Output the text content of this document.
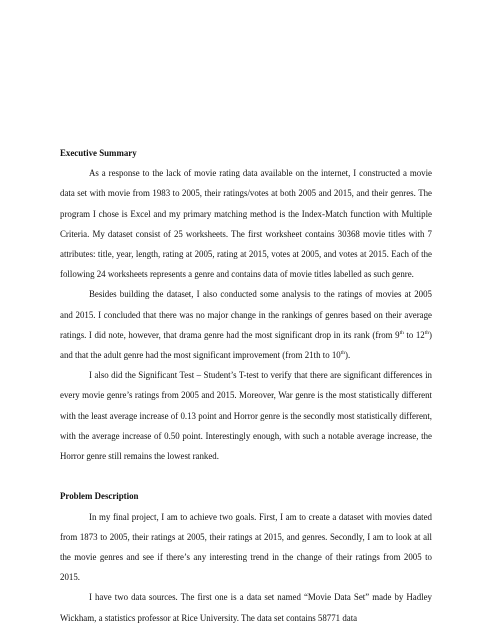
Executive Summary

As a response to the lack of movie rating data available on the internet, I constructed a movie data set with movie from 1983 to 2005, their ratings/votes at both 2005 and 2015, and their genres. The program I chose is Excel and my primary matching method is the Index-Match function with Multiple Criteria. My dataset consist of 25 worksheets. The first worksheet contains 30368 movie titles with 7 attributes: title, year, length, rating at 2005, rating at 2015, votes at 2005, and votes at 2015. Each of the following 24 worksheets represents a genre and contains data of movie titles labelled as such genre.

Besides building the dataset, I also conducted some analysis to the ratings of movies at 2005 and 2015. I concluded that there was no major change in the rankings of genres based on their average ratings. I did note, however, that drama genre had the most significant drop in its rank (from 9th to 12th) and that the adult genre had the most significant improvement (from 21th to 10th).

I also did the Significant Test – Student’s T-test to verify that there are significant differences in every movie genre’s ratings from 2005 and 2015. Moreover, War genre is the most statistically different with the least average increase of 0.13 point and Horror genre is the secondly most statistically different, with the average increase of 0.50 point. Interestingly enough, with such a notable average increase, the Horror genre still remains the lowest ranked.

Problem Description

In my final project, I am to achieve two goals. First, I am to create a dataset with movies dated from 1873 to 2005, their ratings at 2005, their ratings at 2015, and genres. Secondly, I am to look at all the movie genres and see if there’s any interesting trend in the change of their ratings from 2005 to 2015.

I have two data sources. The first one is a data set named “Movie Data Set” made by Hadley Wickham, a statistics professor at Rice University. The data set contains 58771 data
